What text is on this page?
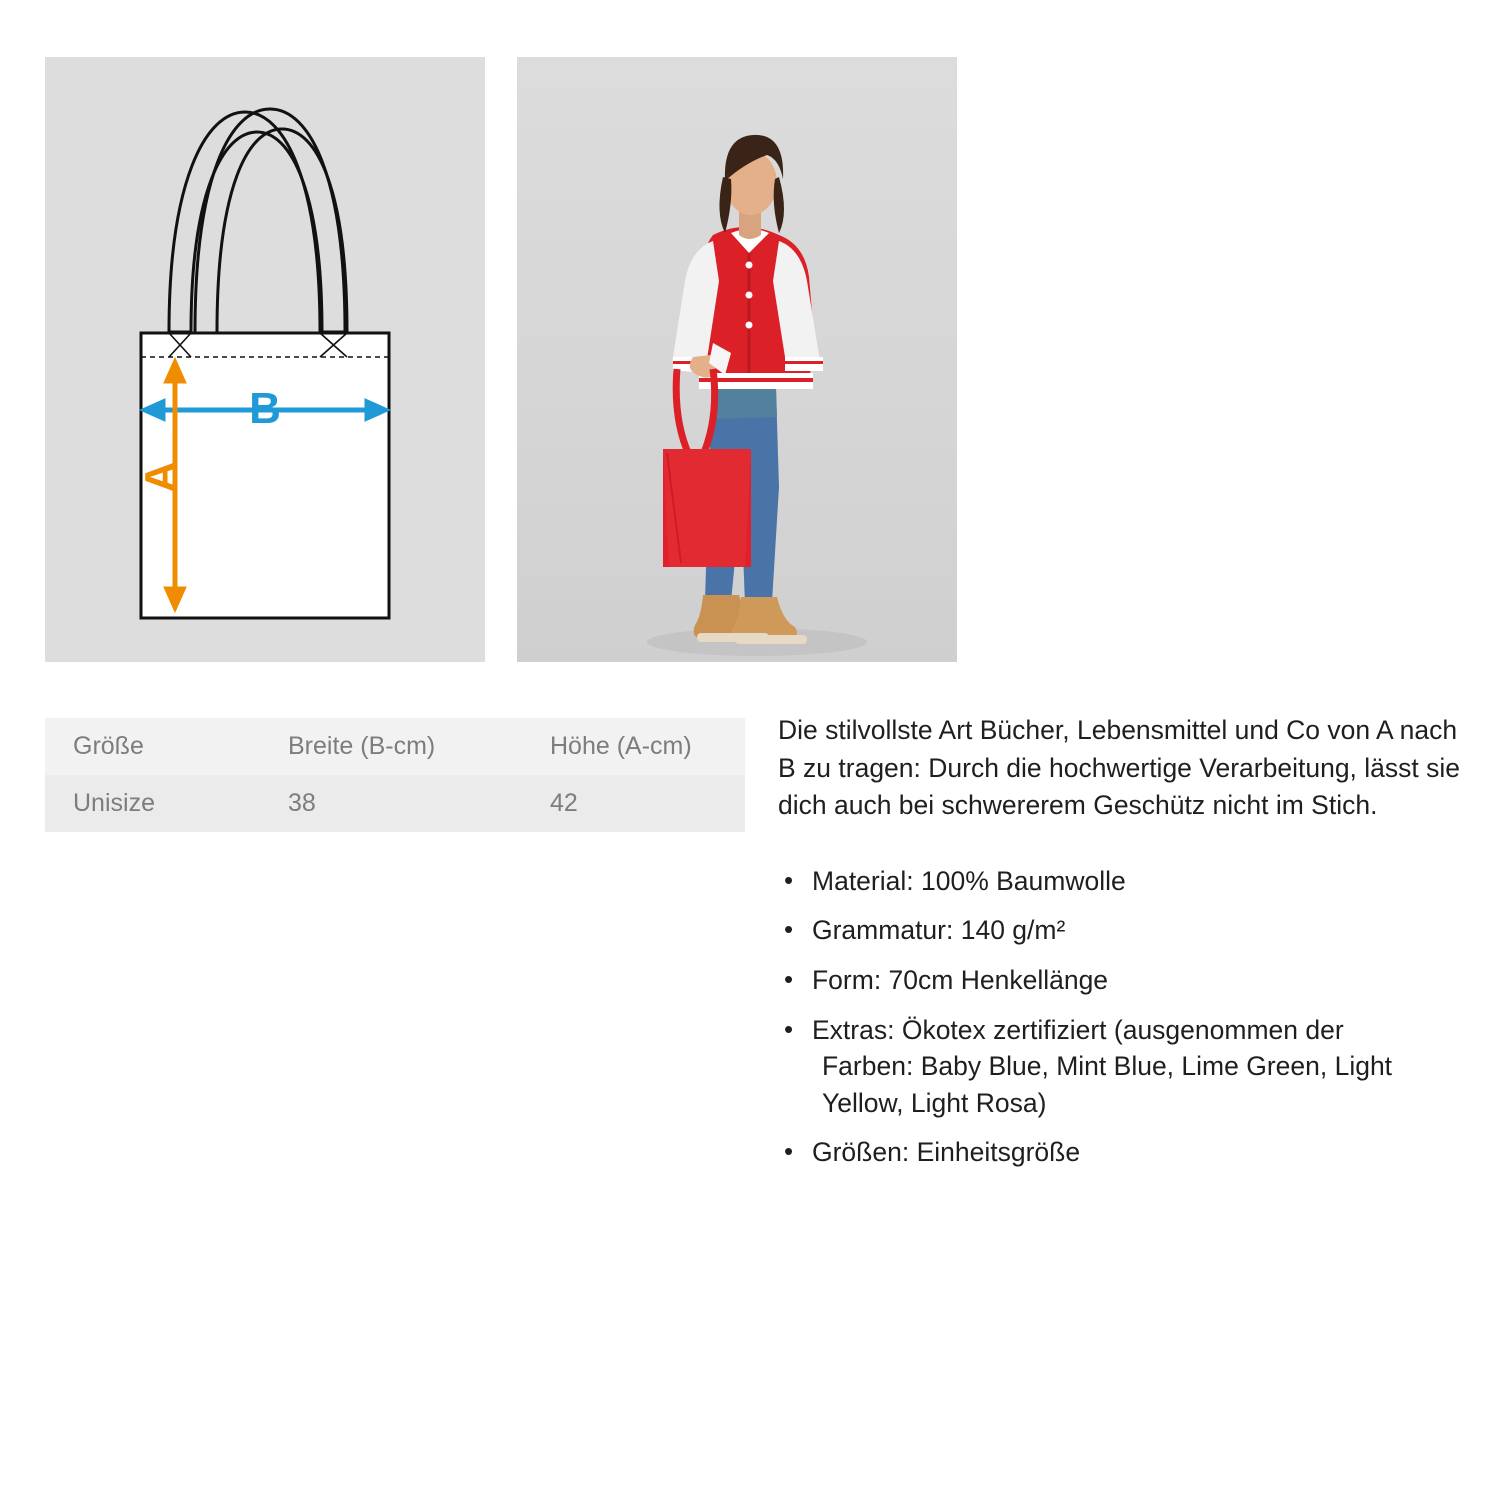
B
A
Größe	Breite (B-cm)	Höhe (A-cm)
Unisize	38	42

Die stilvollste Art Bücher, Lebensmittel und Co von A nach B zu tragen: Durch die hochwertige Verarbeitung, lässt sie dich auch bei schwererem Geschütz nicht im Stich.

• Material: 100% Baumwolle
• Grammatur: 140 g/m²
• Form: 70cm Henkellänge
• Extras: Ökotex zertifiziert (ausgenommen der
Farben: Baby Blue, Mint Blue, Lime Green, Light Yellow, Light Rosa)
• Größen: Einheitsgröße
